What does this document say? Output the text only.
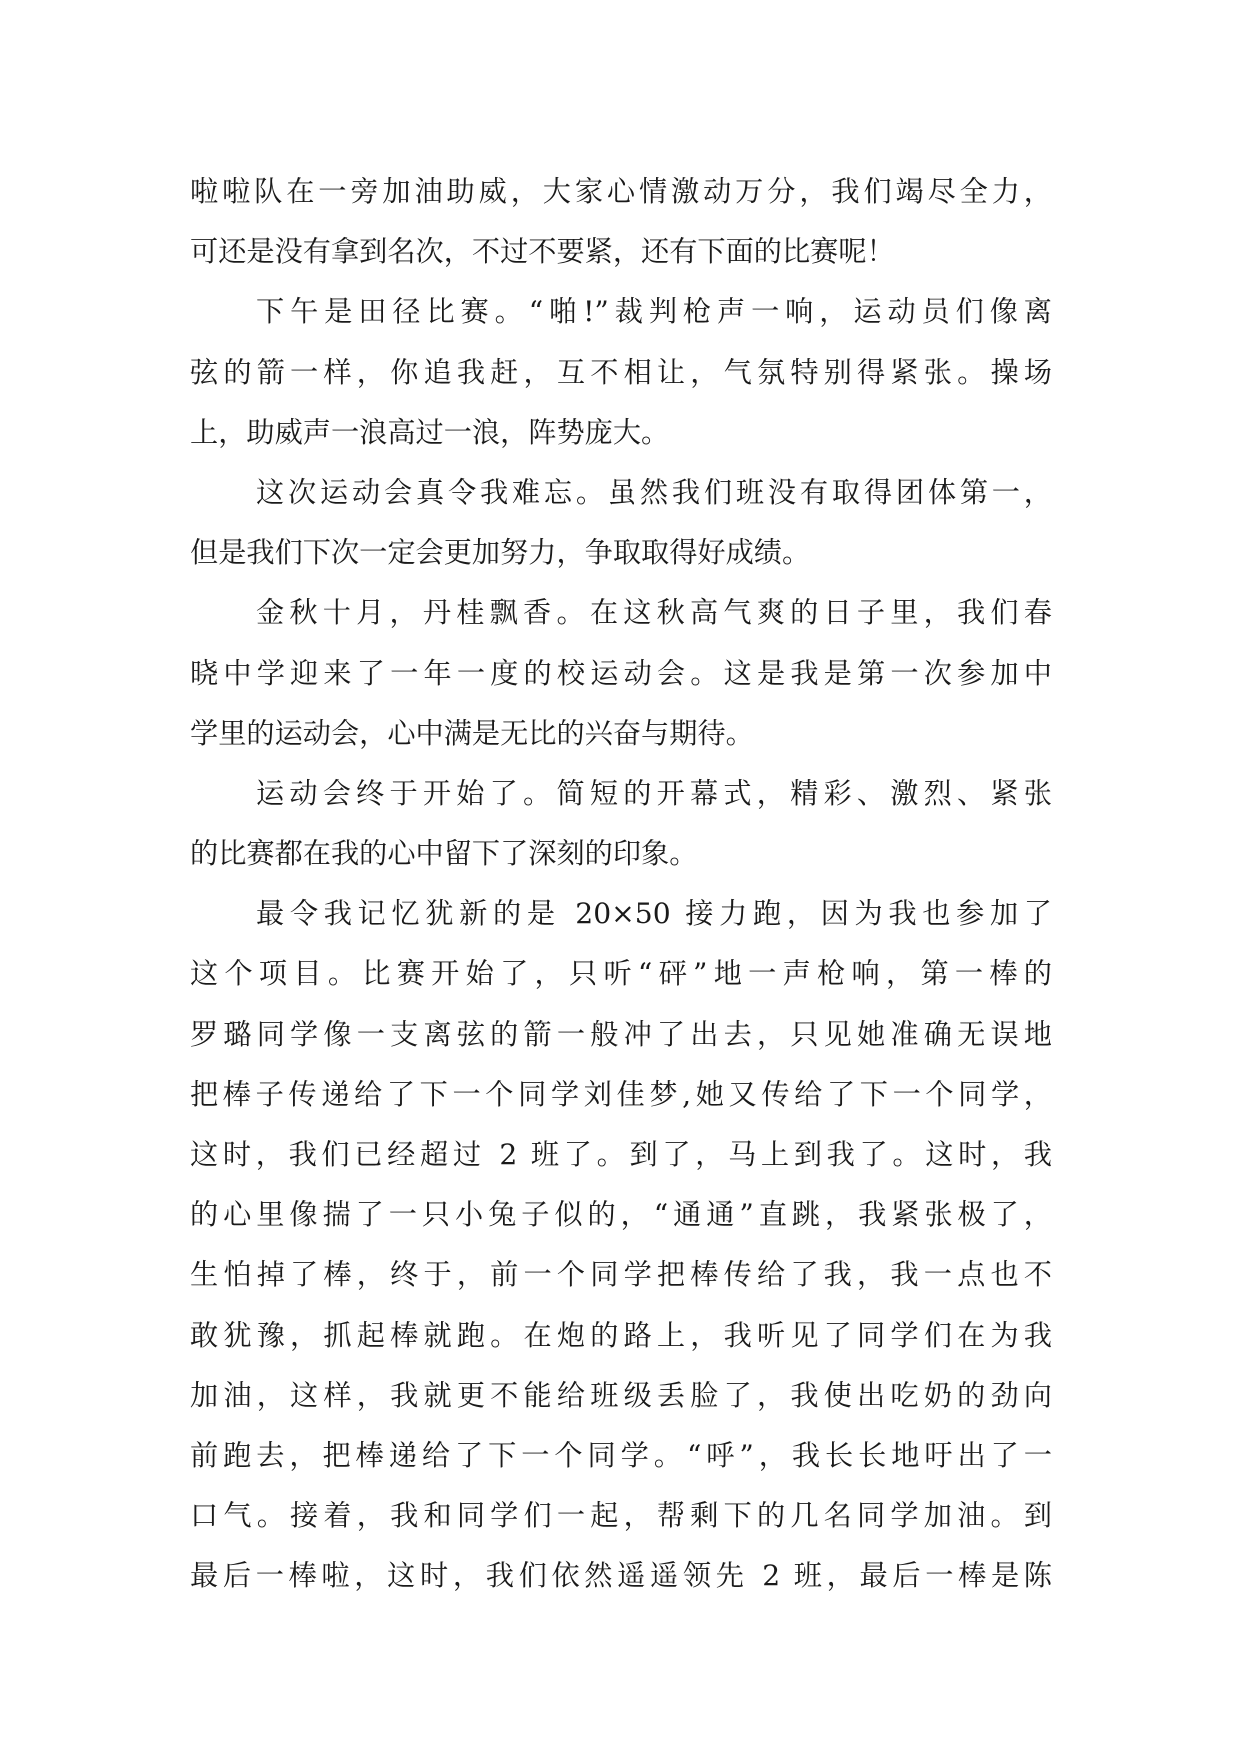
啦啦队在一旁加油助威，大家心情激动万分，我们竭尽全力，
可还是没有拿到名次，不过不要紧，还有下面的比赛呢！
下午是田径比赛。“啪!”裁判枪声一响，运动员们像离
弦的箭一样，你追我赶，互不相让，气氛特别得紧张。操场
上，助威声一浪高过一浪，阵势庞大。
这次运动会真令我难忘。虽然我们班没有取得团体第一，
但是我们下次一定会更加努力，争取取得好成绩。
金秋十月，丹桂飘香。在这秋高气爽的日子里，我们春
晓中学迎来了一年一度的校运动会。这是我是第一次参加中
学里的运动会，心中满是无比的兴奋与期待。
运动会终于开始了。简短的开幕式，精彩、激烈、紧张
的比赛都在我的心中留下了深刻的印象。
最令我记忆犹新的是 20×50 接力跑，因为我也参加了
这个项目。比赛开始了，只听“砰”地一声枪响，第一棒的
罗璐同学像一支离弦的箭一般冲了出去，只见她准确无误地
把棒子传递给了下一个同学刘佳梦,她又传给了下一个同学，
这时，我们已经超过 2 班了。到了，马上到我了。这时，我
的心里像揣了一只小兔子似的，“通通”直跳，我紧张极了，
生怕掉了棒，终于，前一个同学把棒传给了我，我一点也不
敢犹豫，抓起棒就跑。在炮的路上，我听见了同学们在为我
加油，这样，我就更不能给班级丢脸了，我使出吃奶的劲向
前跑去，把棒递给了下一个同学。“呼”，我长长地吁出了一
口气。接着，我和同学们一起，帮剩下的几名同学加油。到
最后一棒啦，这时，我们依然遥遥领先 2 班，最后一棒是陈
